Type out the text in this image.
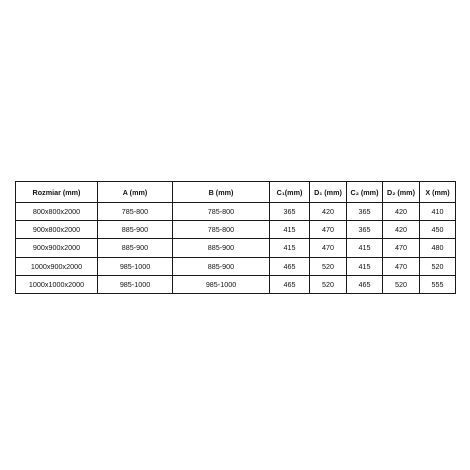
Rozmiar (mm)	A (mm)	B (mm)	C₁(mm)	D₁ (mm)	C₂ (mm)	D₂ (mm)	X (mm)
800x800x2000	785-800	785-800	365	420	365	420	410
900x800x2000	885-900	785-800	415	470	365	420	450
900x900x2000	885-900	885-900	415	470	415	470	480
1000x900x2000	985-1000	885-900	465	520	415	470	520
1000x1000x2000	985-1000	985-1000	465	520	465	520	555
